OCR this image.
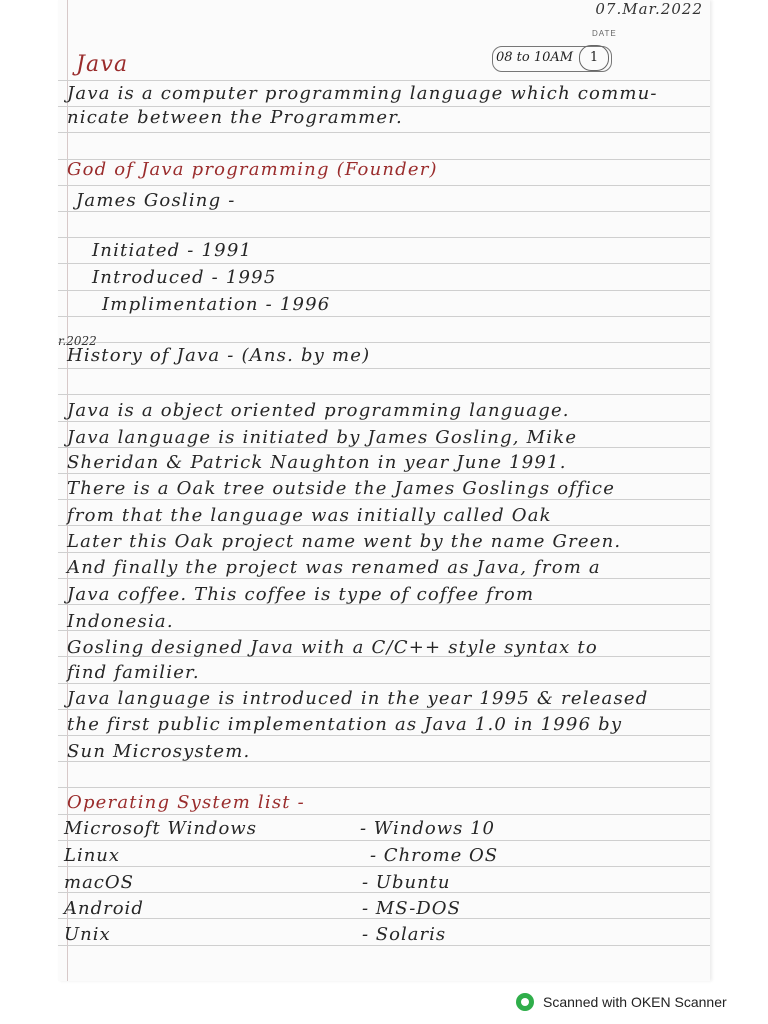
07.Mar.2022
DATE
08 to 10AM	1
Java
Java is a computer programming language which commu-
nicate between the Programmer.
God of Java programming (Founder)
James Gosling -
Initiated - 1991
Introduced - 1995
Implimentation - 1996
r.2022
History of Java - (Ans. by me)
Java is a object oriented programming language.
Java language is initiated by James Gosling, Mike
Sheridan & Patrick Naughton in year June 1991.
There is a Oak tree outside the James Goslings office
from that the language was initially called Oak
Later this Oak project name went by the name Green.
And finally the project was renamed as Java, from a
Java coffee. This coffee is type of coffee from
Indonesia.
Gosling designed Java with a C/C++ style syntax to
find familier.
Java language is introduced in the year 1995 & released
the first public implementation as Java 1.0 in 1996 by
Sun Microsystem.
Operating System list -
Microsoft Windows
Linux
macOS
Android
Unix
- Windows 10
- Chrome OS
- Ubuntu
- MS-DOS
- Solaris
Scanned with OKEN Scanner
